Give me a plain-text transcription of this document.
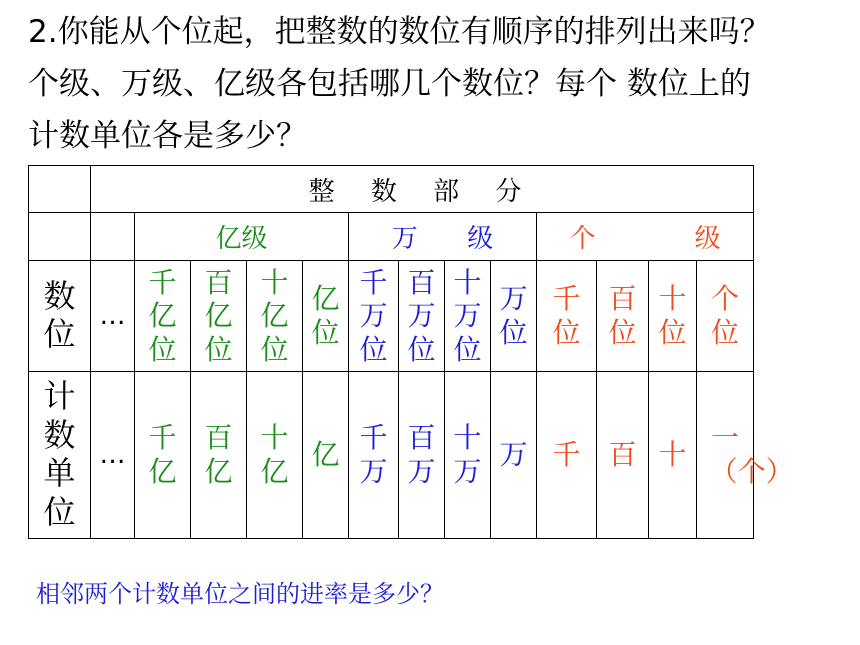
2.你能从个位起，把整数的数位有顺序的排列出来吗？
个级、万级、亿级各包括哪几个数位？每个 数位上的
计数单位各是多少？
	整 数 部 分												
		亿级				万      级				个            级			
数位	…	千亿位	百亿位	十亿位	亿位	千万位	百万位	十万位	万位	千位	百位	十位	个位
计数单位	…	千亿	百亿	十亿	亿	千万	百万	十万	万	千	百	十	一（个）
相邻两个计数单位之间的进率是多少？
